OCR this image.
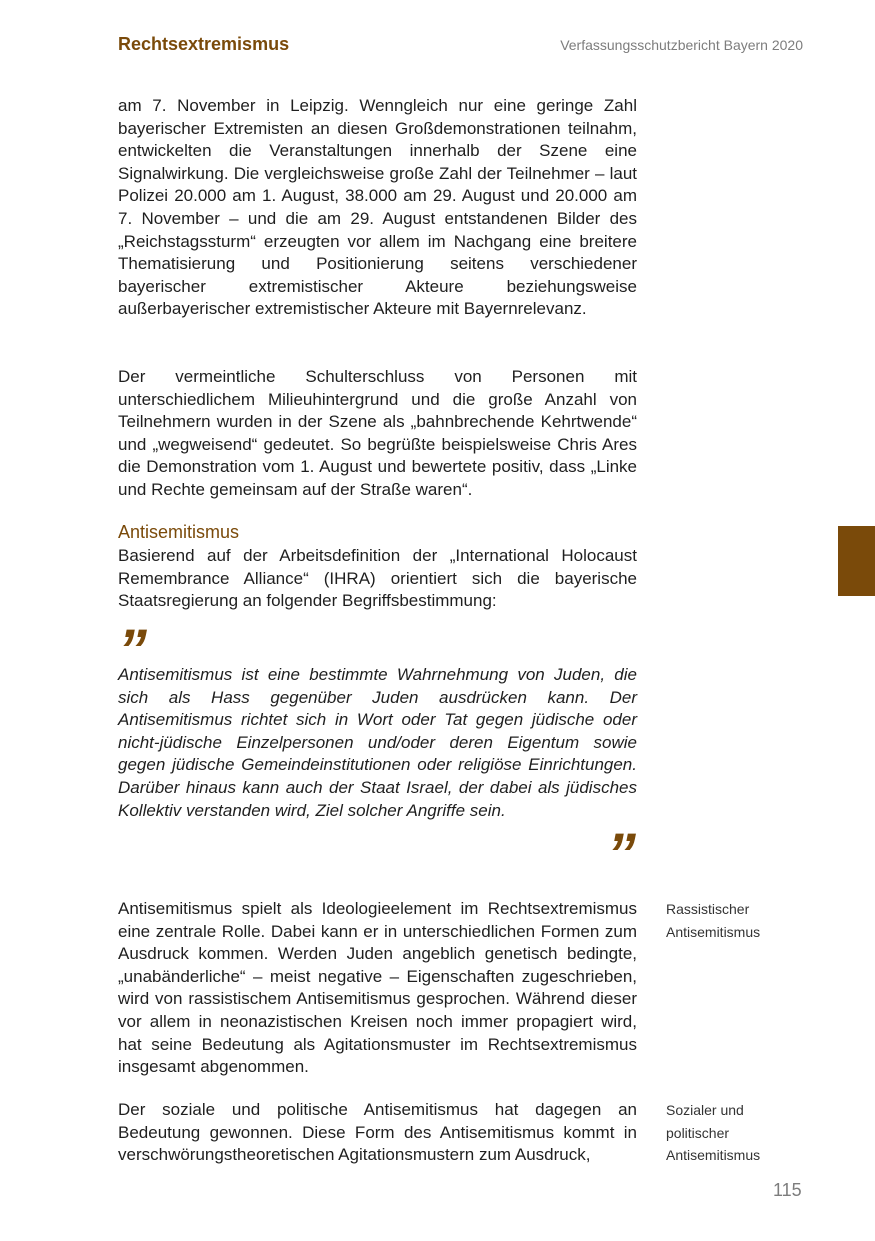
Rechtsextremismus	Verfassungsschutzbericht Bayern 2020

am 7. November in Leipzig. Wenngleich nur eine geringe Zahl bayerischer Extremisten an diesen Großdemonstrationen teilnahm, entwickelten die Veranstaltungen innerhalb der Szene eine Signalwirkung. Die vergleichsweise große Zahl der Teilnehmer – laut Polizei 20.000 am 1. August, 38.000 am 29. August und 20.000 am 7. November – und die am 29. August entstandenen Bilder des „Reichstagssturm“ erzeugten vor allem im Nachgang eine breitere Thematisierung und Positionierung seitens verschiedener bayerischer extremistischer Akteure beziehungsweise außerbayerischer extremistischer Akteure mit Bayernrelevanz.

Der vermeintliche Schulterschluss von Personen mit unterschiedlichem Milieuhintergrund und die große Anzahl von Teilnehmern wurden in der Szene als „bahnbrechende Kehrtwende“ und „wegweisend“ gedeutet. So begrüßte beispielsweise Chris Ares die Demonstration vom 1. August und bewertete positiv, dass „Linke und Rechte gemeinsam auf der Straße waren“.

Antisemitismus

Basierend auf der Arbeitsdefinition der „International Holocaust Remembrance Alliance“ (IHRA) orientiert sich die bayerische Staatsregierung an folgender Begriffsbestimmung:

”

Antisemitismus ist eine bestimmte Wahrnehmung von Juden, die sich als Hass gegenüber Juden ausdrücken kann. Der Antisemitismus richtet sich in Wort oder Tat gegen jüdische oder nicht-jüdische Einzelpersonen und/oder deren Eigentum sowie gegen jüdische Gemeindeinstitutionen oder religiöse Einrichtungen. Darüber hinaus kann auch der Staat Israel, der dabei als jüdisches Kollektiv verstanden wird, Ziel solcher Angriffe sein.

”

Antisemitismus spielt als Ideologieelement im Rechtsextremismus eine zentrale Rolle. Dabei kann er in unterschiedlichen Formen zum Ausdruck kommen. Werden Juden angeblich genetisch bedingte, „unabänderliche“ – meist negative – Eigenschaften zugeschrieben, wird von rassistischem Antisemitismus gesprochen. Während dieser vor allem in neonazistischen Kreisen noch immer propagiert wird, hat seine Bedeutung als Agitationsmuster im Rechtsextremismus insgesamt abgenommen.

Der soziale und politische Antisemitismus hat dagegen an Bedeutung gewonnen. Diese Form des Antisemitismus kommt in verschwörungstheoretischen Agitationsmustern zum Ausdruck,

Rassistischer Antisemitismus
Sozialer und politischer Antisemitismus
115
